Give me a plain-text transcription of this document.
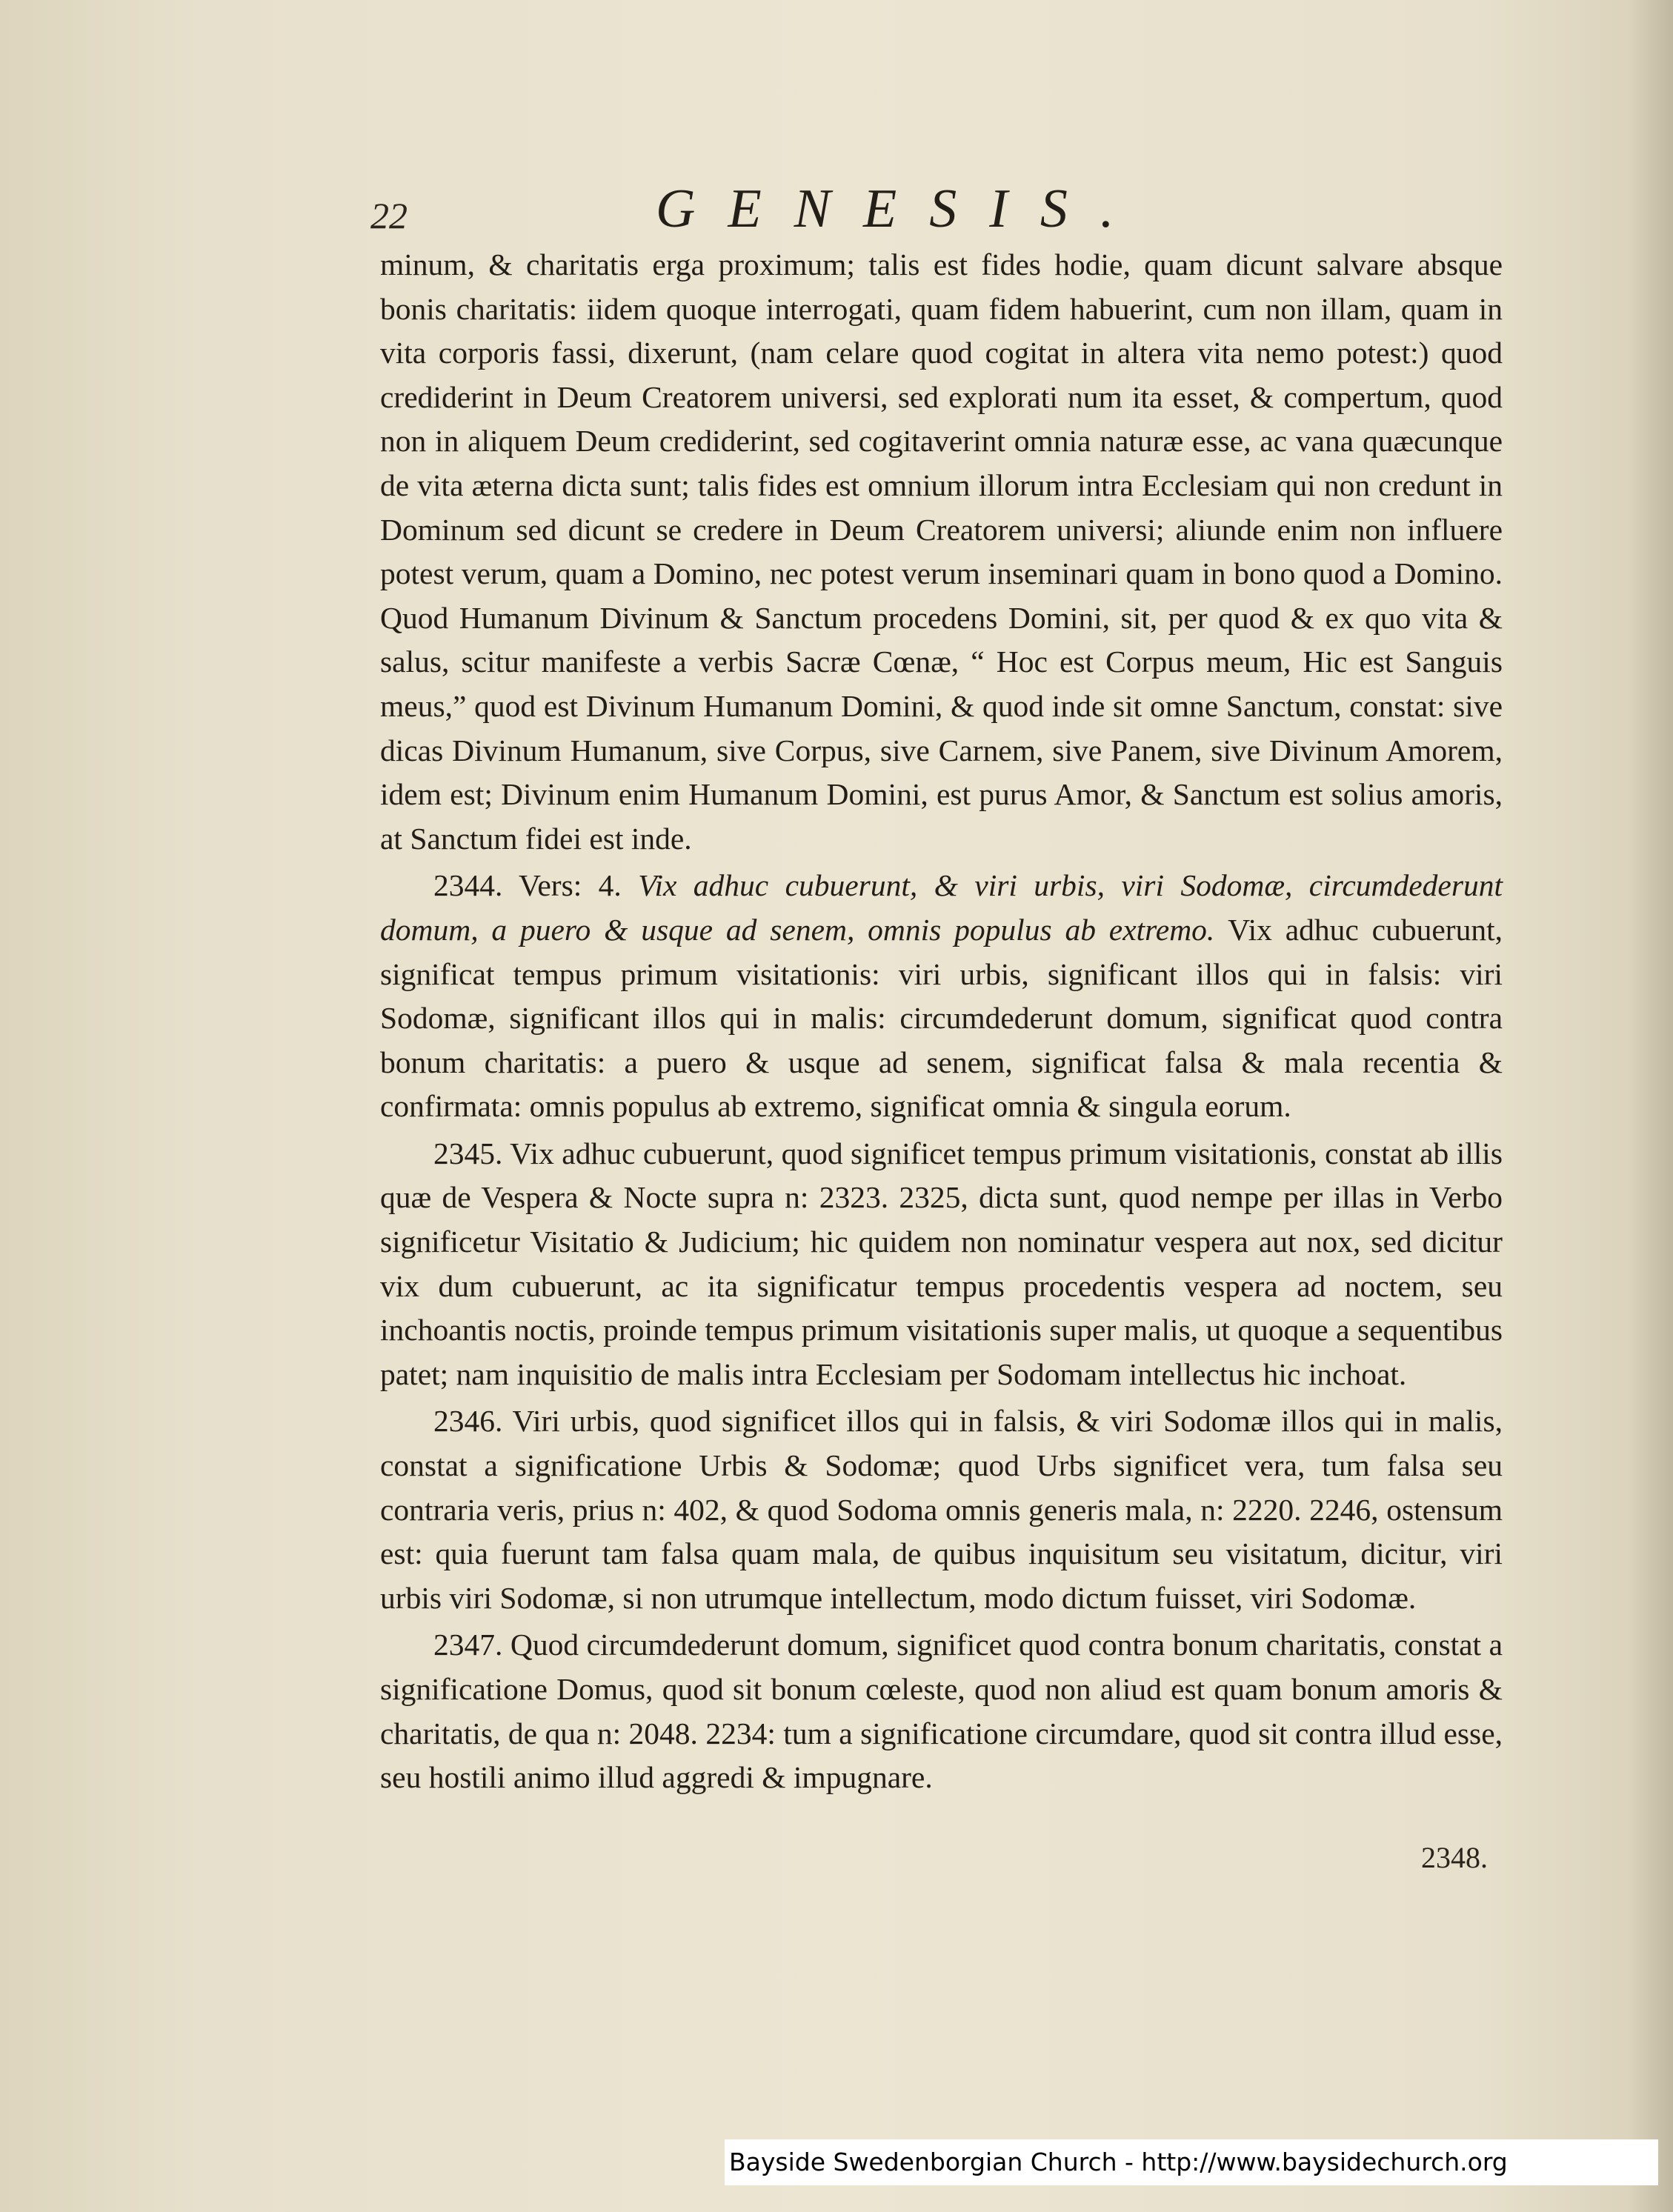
22	GENESIS.

minum, & charitatis erga proximum; talis est fides hodie, quam dicunt salvare absque bonis charitatis: iidem quoque interrogati, quam fidem habuerint, cum non illam, quam in vita corporis fassi, dixerunt, (nam celare quod cogitat in altera vita nemo potest:) quod crediderint in Deum Creatorem universi, sed explorati num ita esset, & compertum, quod non in aliquem Deum crediderint, sed cogitaverint omnia naturæ esse, ac vana quæcunque de vita æterna dicta sunt; talis fides est omnium illorum intra Ecclesiam qui non credunt in Dominum sed dicunt se credere in Deum Creatorem universi; aliunde enim non influere potest verum, quam a Domino, nec potest verum inseminari quam in bono quod a Domino. Quod Humanum Divinum & Sanctum procedens Domini, sit, per quod & ex quo vita & salus, scitur manifeste a verbis Sacræ Cœnæ, “ Hoc est Corpus meum, Hic est Sanguis meus,” quod est Divinum Humanum Domini, & quod inde sit omne Sanctum, constat: sive dicas Divinum Humanum, sive Corpus, sive Carnem, sive Panem, sive Divinum Amorem, idem est; Divinum enim Humanum Domini, est purus Amor, & Sanctum est solius amoris, at Sanctum fidei est inde.

2344. Vers: 4. Vix adhuc cubuerunt, & viri urbis, viri Sodomæ, circumdederunt domum, a puero & usque ad senem, omnis populus ab extremo. Vix adhuc cubuerunt, significat tempus primum visitationis: viri urbis, significant illos qui in falsis: viri Sodomæ, significant illos qui in malis: circumdederunt domum, significat quod contra bonum charitatis: a puero & usque ad senem, significat falsa & mala recentia & confirmata: omnis populus ab extremo, significat omnia & singula eorum.

2345. Vix adhuc cubuerunt, quod significet tempus primum visitationis, constat ab illis quæ de Vespera & Nocte supra n: 2323. 2325, dicta sunt, quod nempe per illas in Verbo significetur Visitatio & Judicium; hic quidem non nominatur vespera aut nox, sed dicitur vix dum cubuerunt, ac ita significatur tempus procedentis vespera ad noctem, seu inchoantis noctis, proinde tempus primum visitationis super malis, ut quoque a sequentibus patet; nam inquisitio de malis intra Ecclesiam per Sodomam intellectus hic inchoat.

2346. Viri urbis, quod significet illos qui in falsis, & viri Sodomæ illos qui in malis, constat a significatione Urbis & Sodomæ; quod Urbs significet vera, tum falsa seu contraria veris, prius n: 402, & quod Sodoma omnis generis mala, n: 2220. 2246, ostensum est: quia fuerunt tam falsa quam mala, de quibus inquisitum seu visitatum, dicitur, viri urbis viri Sodomæ, si non utrumque intellectum, modo dictum fuisset, viri Sodomæ.

2347. Quod circumdederunt domum, significet quod contra bonum charitatis, constat a significatione Domus, quod sit bonum cœleste, quod non aliud est quam bonum amoris & charitatis, de qua n: 2048. 2234: tum a significatione circumdare, quod sit contra illud esse, seu hostili animo illud aggredi & impugnare.

2348.
Bayside Swedenborgian Church - http://www.baysidechurch.org
